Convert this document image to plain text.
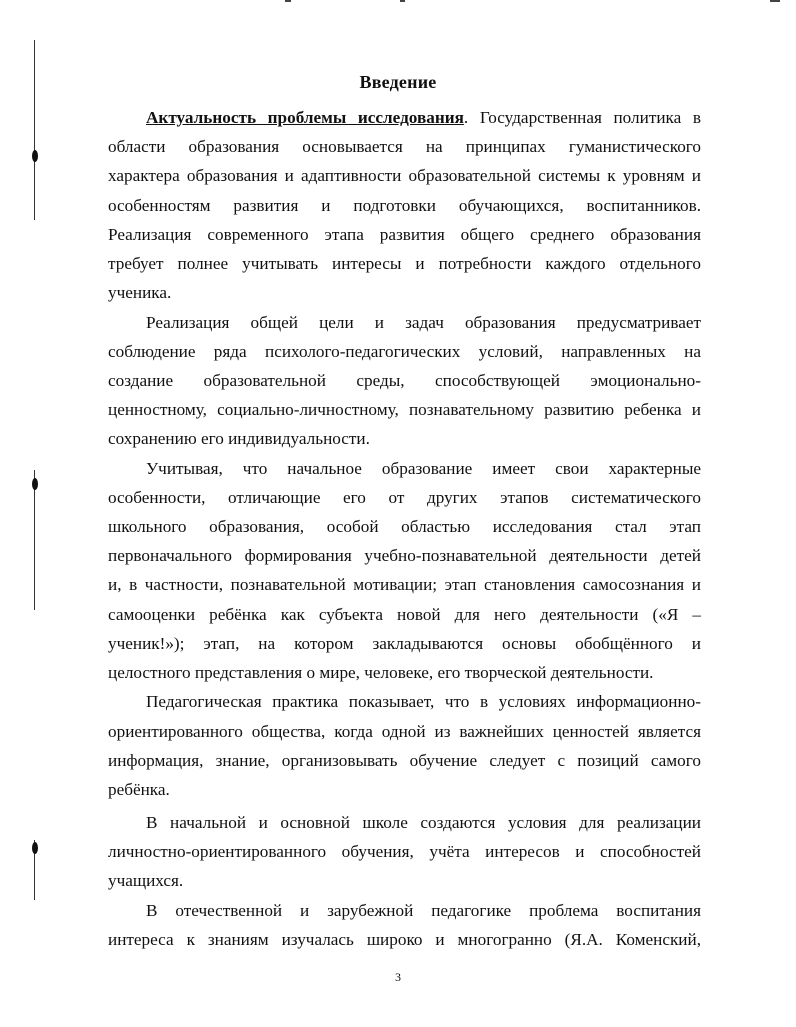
Введение
Актуальность проблемы исследования. Государственная политика в
области образования основывается на принципах гуманистического
характера образования и адаптивности образовательной системы к уровням и
особенностям развития и подготовки обучающихся, воспитанников.
Реализация современного этапа развития общего среднего образования
требует полнее учитывать интересы и потребности каждого отдельного
ученика.
Реализация общей цели и задач образования предусматривает
соблюдение ряда психолого-педагогических условий, направленных на
создание образовательной среды, способствующей эмоционально-
ценностному, социально-личностному, познавательному развитию ребенка и
сохранению его индивидуальности.
Учитывая, что начальное образование имеет свои характерные
особенности, отличающие его от других этапов систематического
школьного образования, особой областью исследования стал этап
первоначального формирования учебно-познавательной деятельности детей
и, в частности, познавательной мотивации; этап становления самосознания и
самооценки ребёнка как субъекта новой для него деятельности («Я –
ученик!»); этап, на котором закладываются основы обобщённого и
целостного представления о мире, человеке, его творческой деятельности.
Педагогическая практика показывает, что в условиях информационно-
ориентированного общества, когда одной из важнейших ценностей является
информация, знание, организовывать обучение следует с позиций самого
ребёнка.
В начальной и основной школе создаются условия для реализации
личностно-ориентированного обучения, учёта интересов и способностей
учащихся.
В отечественной и зарубежной педагогике проблема воспитания
интереса к знаниям изучалась широко и многогранно (Я.А. Коменский,
3
